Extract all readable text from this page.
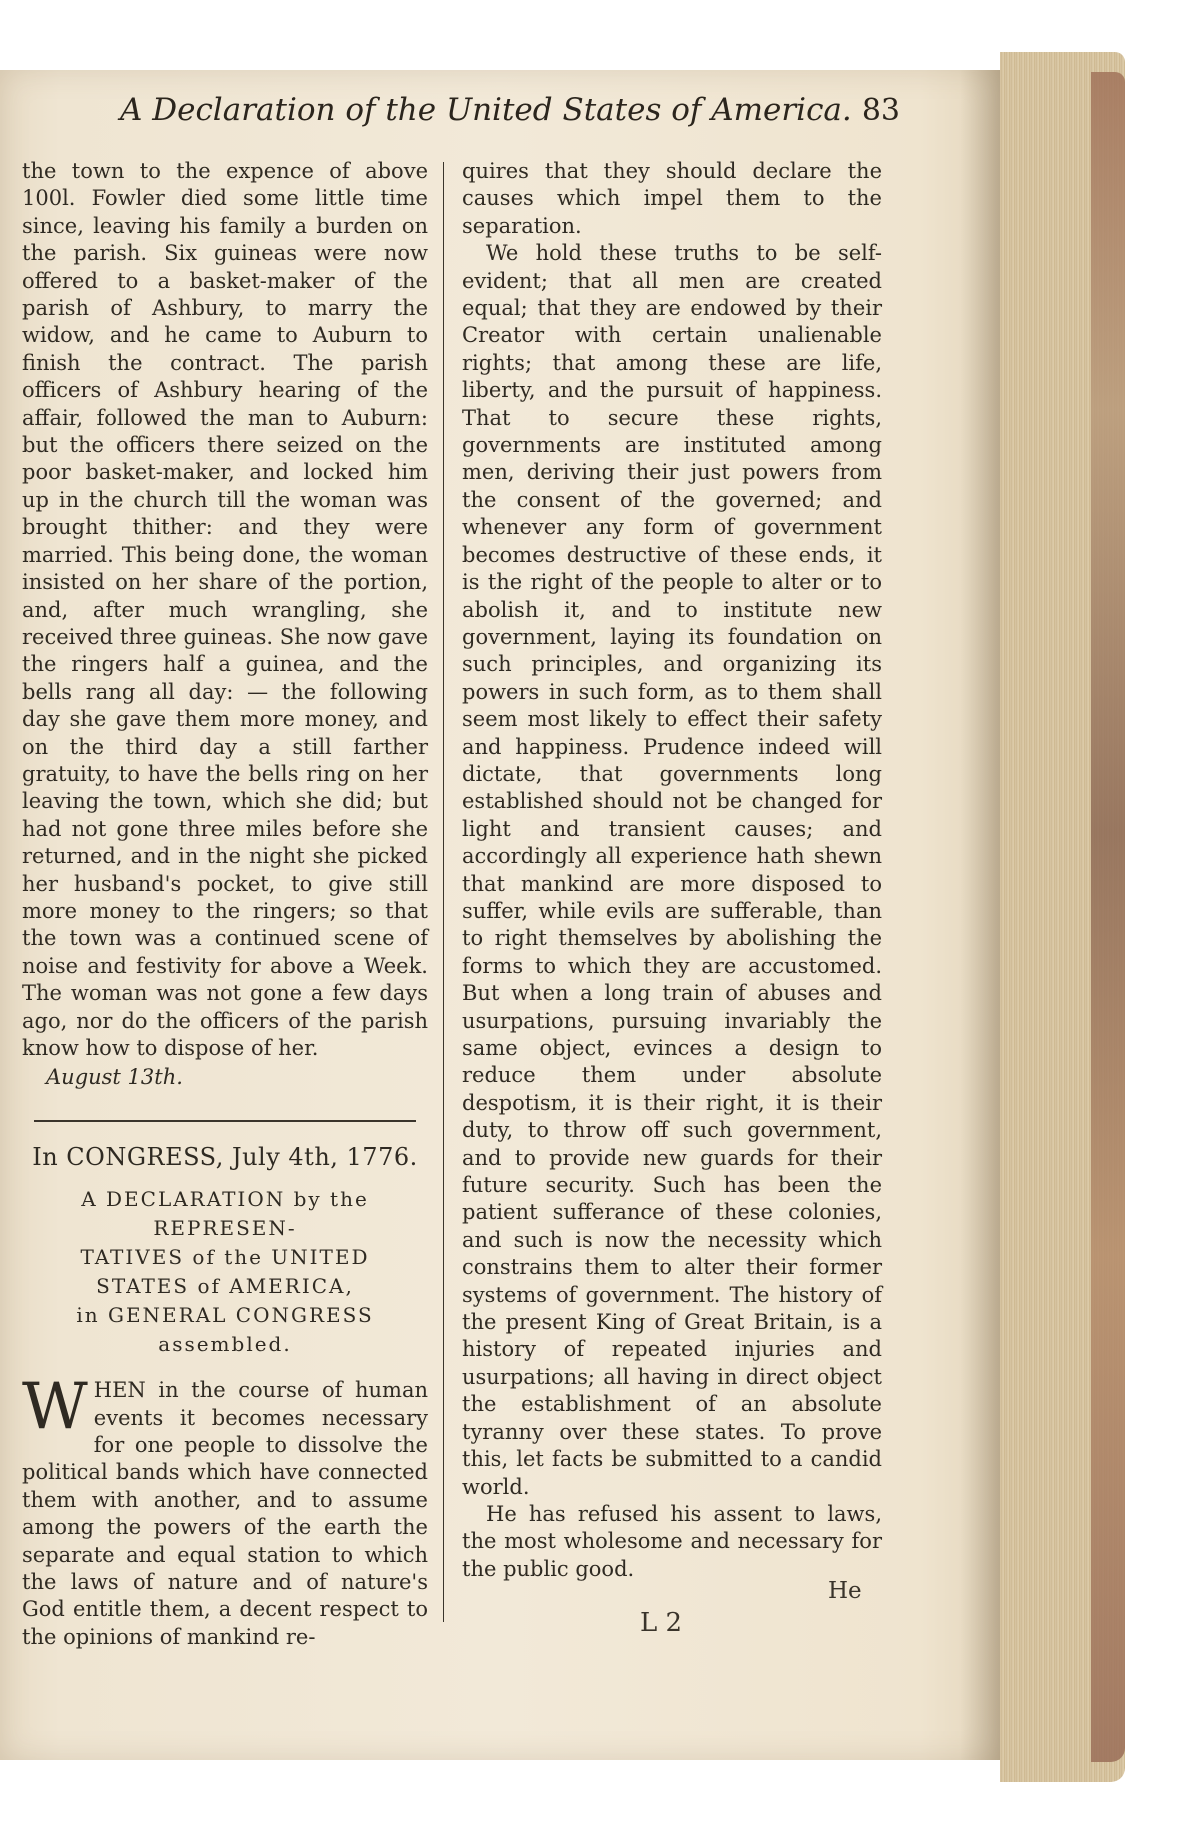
A Declaration of the United States of America. 83

the town to the expence of above 100l. Fowler died some little time since, leaving his family a burden on the parish. Six guineas were now offered to a basket-maker of the parish of Ashbury, to marry the widow, and he came to Auburn to finish the contract. The parish officers of Ashbury hearing of the affair, followed the man to Auburn: but the officers there seized on the poor basket-maker, and locked him up in the church till the woman was brought thither: and they were married. This being done, the woman insisted on her share of the portion, and, after much wrangling, she received three guineas. She now gave the ringers half a guinea, and the bells rang all day: — the following day she gave them more money, and on the third day a still farther gratuity, to have the bells ring on her leaving the town, which she did; but had not gone three miles before she returned, and in the night she picked her husband's pocket, to give still more money to the ringers; so that the town was a continued scene of noise and festivity for above a Week. The woman was not gone a few days ago, nor do the officers of the parish know how to dispose of her.

August 13th.

In CONGRESS, July 4th, 1776.

A DECLARATION by the REPRESEN-
TATIVES of the UNITED
STATES of AMERICA,
in GENERAL CONGRESS assembled.

WHEN in the course of human events it becomes necessary for one people to dissolve the political bands which have connected them with another, and to assume among the powers of the earth the separate and equal station to which the laws of nature and of nature's God entitle them, a decent respect to the opinions of mankind re-

quires that they should declare the causes which impel them to the separation.

We hold these truths to be self-evident; that all men are created equal; that they are endowed by their Creator with certain unalienable rights; that among these are life, liberty, and the pursuit of happiness. That to secure these rights, governments are instituted among men, deriving their just powers from the consent of the governed; and whenever any form of government becomes destructive of these ends, it is the right of the people to alter or to abolish it, and to institute new government, laying its foundation on such principles, and organizing its powers in such form, as to them shall seem most likely to effect their safety and happiness. Prudence indeed will dictate, that governments long established should not be changed for light and transient causes; and accordingly all experience hath shewn that mankind are more disposed to suffer, while evils are sufferable, than to right themselves by abolishing the forms to which they are accustomed. But when a long train of abuses and usurpations, pursuing invariably the same object, evinces a design to reduce them under absolute despotism, it is their right, it is their duty, to throw off such government, and to provide new guards for their future security. Such has been the patient sufferance of these colonies, and such is now the necessity which constrains them to alter their former systems of government. The history of the present King of Great Britain, is a history of repeated injuries and usurpations; all having in direct object the establishment of an absolute tyranny over these states. To prove this, let facts be submitted to a candid world.

He has refused his assent to laws, the most wholesome and necessary for the public good.

He
L 2
